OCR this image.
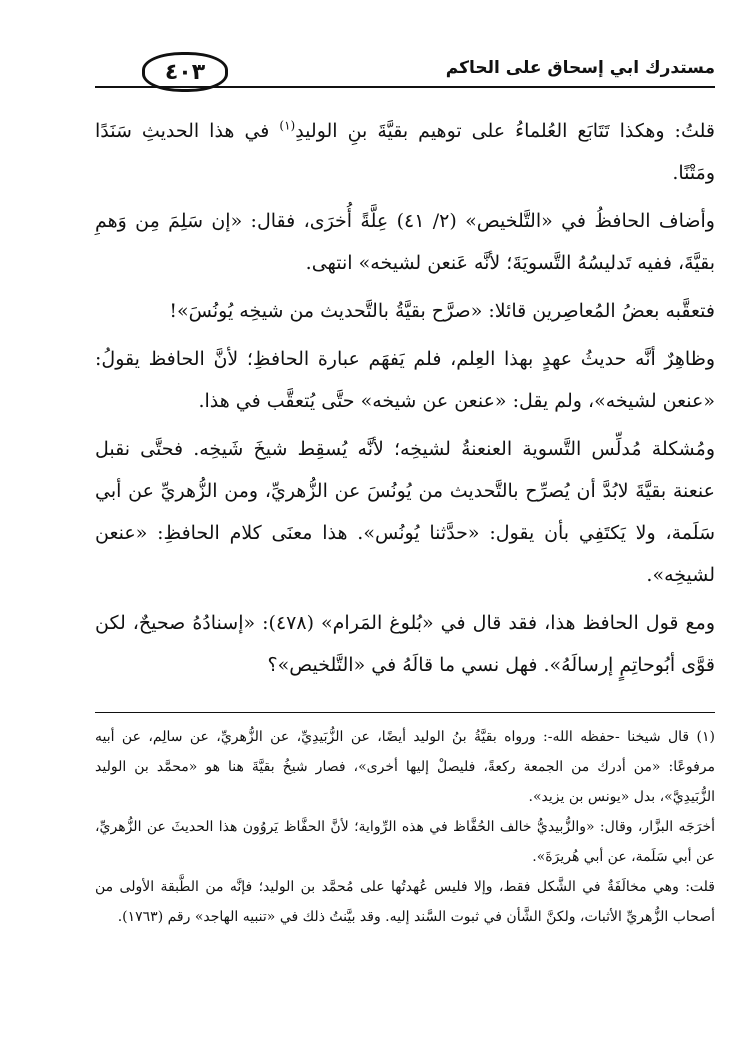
٤٠٣	مستدرك ابي إسحاق على الحاكم

قلتُ: وهكذا تَتَابَع العُلماءُ على توهيم بقيَّةَ بنِ الوليدِ$^{(١)}$ في هذا الحديثِ سَنَدًا ومَتْنًا.

وأضاف الحافظُ في «التَّلخيص» (٢/ ٤١) عِلَّةً أُخرَى، فقال: «إن سَلِمَ مِن وَهمِ بقيَّةَ، ففيه تَدليسُهُ التَّسويَةَ؛ لأنَّه عَنعن لشيخه» انتهى.

فتعقَّبه بعضُ المُعاصِرين قائلا: «صرَّح بقيَّةُ بالتَّحديث من شيخِه يُونُسَ»!

وظاهِرٌ أنَّه حديثُ عهدٍ بهذا العِلم، فلم يَفهَم عبارة الحافظِ؛ لأنَّ الحافظ يقولُ: «عنعن لشيخه»، ولم يقل: «عنعن عن شيخه» حتَّى يُتعقَّب في هذا.

ومُشكلة مُدلِّس التَّسوية العنعنةُ لشيخِه؛ لأنَّه يُسقِط شيخَ شَيخِه. فحتَّى نقبل عنعنة بقيَّةَ لابُدَّ أن يُصرِّح بالتَّحديث من يُونُسَ عن الزُّهريِّ، ومن الزُّهريِّ عن أبي سَلَمة، ولا يَكتَفِي بأن يقول: «حدَّثنا يُونُس». هذا معنَى كلام الحافظِ: «عنعن لشيخِه».

ومع قول الحافظ هذا، فقد قال في «بُلوغ المَرام» (٤٧٨): «إسنادُهُ صحيحٌ، لكن قوَّى أبُوحاتِمٍ إرسالَهُ». فهل نسي ما قالَهُ في «التَّلخيص»؟

(١) قال شيخنا -حفظه الله-: ورواه بقيَّةُ بنُ الوليد أيضًا، عن الزُّبَيدِيِّ، عن الزُّهريِّ، عن سالِم، عن أبيه مرفوعًا: «من أدرك من الجمعة ركعةً، فليصلْ إليها أخرى»، فصار شيخُ بقيَّةَ هنا هو «محمَّد بن الوليد الزُّبَيدِيَّ»، بدل «يونس بن يزيد».

أخرَجَه البزَّار، وقال: «والزُّبيديُّ خالف الحُفَّاظ في هذه الرِّواية؛ لأنَّ الحفَّاظ يَروُون هذا الحديثَ عن الزُّهريِّ، عن أبي سَلَمة، عن أبي هُريرَةَ».

قلت: وهي مخالَفَةٌ في الشَّكل فقط، وإلا فليس عُهدتُها على مُحمَّد بن الوليد؛ فإنَّه من الطَّبقة الأولى من أصحاب الزُّهريِّ الأثبات، ولكنَّ الشَّأن في ثبوت السَّند إليه. وقد بيَّنتُ ذلك في «تنبيه الهاجد» رقم (١٧٦٣).
